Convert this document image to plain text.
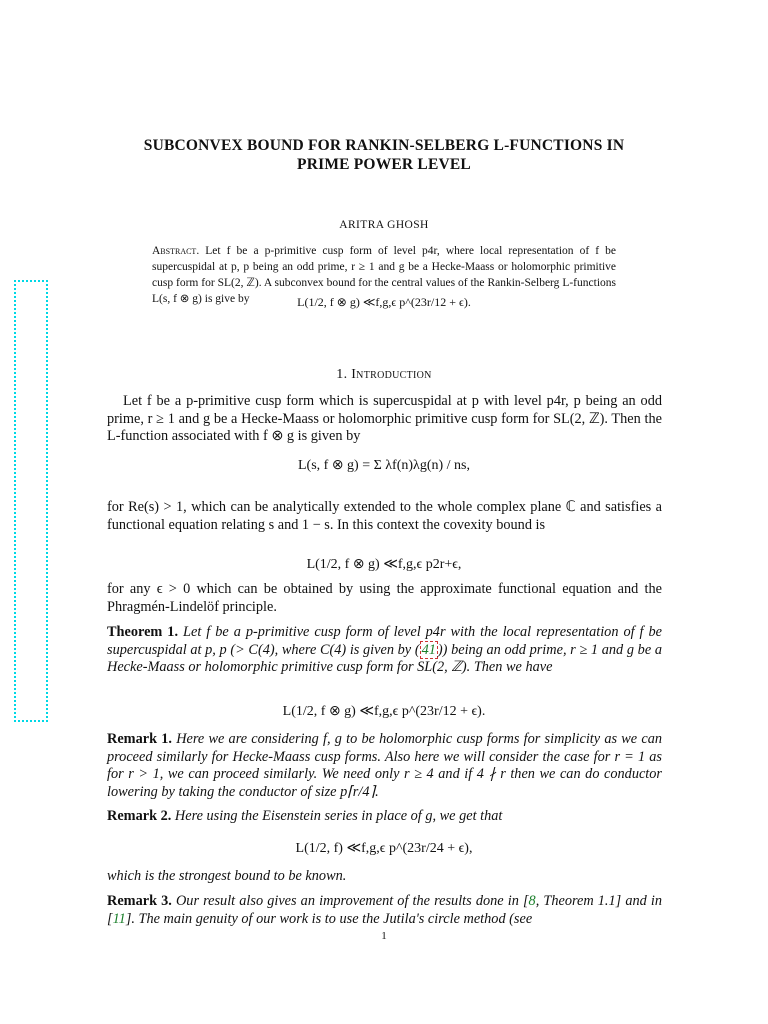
SUBCONVEX BOUND FOR RANKIN-SELBERG L-FUNCTIONS IN
PRIME POWER LEVEL
ARITRA GHOSH
Abstract. Let f be a p-primitive cusp form of level p4r, where local representation of f be supercuspidal at p, p being an odd prime, r ≥ 1 and g be a Hecke-Maass or holomorphic primitive cusp form for SL(2, ℤ). A subconvex bound for the central values of the Rankin-Selberg L-functions L(s, f ⊗ g) is give by	L(1/2, f ⊗ g) ≪f,g,ϵ p^(23r/12 + ϵ).
1. Introduction
Let f be a p-primitive cusp form which is supercuspidal at p with level p4r, p being an odd prime, r ≥ 1 and g be a Hecke-Maass or holomorphic primitive cusp form for SL(2, ℤ). Then the L-function associated with f ⊗ g is given by
L(s, f ⊗ g) = Σ λf(n)λg(n) / ns,
for Re(s) > 1, which can be analytically extended to the whole complex plane ℂ and satisfies a functional equation relating s and 1 − s. In this context the covexity bound is
L(1/2, f ⊗ g) ≪f,g,ϵ p2r+ϵ,
for any ϵ > 0 which can be obtained by using the approximate functional equation and the Phragmén-Lindelöf principle.
Theorem 1. Let f be a p-primitive cusp form of level p4r with the local representation of f be supercuspidal at p, p (> C(4), where C(4) is given by ( 41 )) being an odd prime, r ≥ 1 and g be a Hecke-Maass or holomorphic primitive cusp form for SL(2, ℤ). Then we have
L(1/2, f ⊗ g) ≪f,g,ϵ p^(23r/12 + ϵ).
Remark 1. Here we are considering f, g to be holomorphic cusp forms for simplicity as we can proceed similarly for Hecke-Maass cusp forms. Also here we will consider the case for r = 1 as for r > 1, we can proceed similarly. We need only r ≥ 4 and if 4 ∤ r then we can do conductor lowering by taking the conductor of size p⌈r/4⌉.
Remark 2. Here using the Eisenstein series in place of g, we get that
L(1/2, f) ≪f,g,ϵ p^(23r/24 + ϵ),
which is the strongest bound to be known.
Remark 3. Our result also gives an improvement of the results done in [8, Theorem 1.1] and in [11]. The main genuity of our work is to use the Jutila's circle method (see
1
